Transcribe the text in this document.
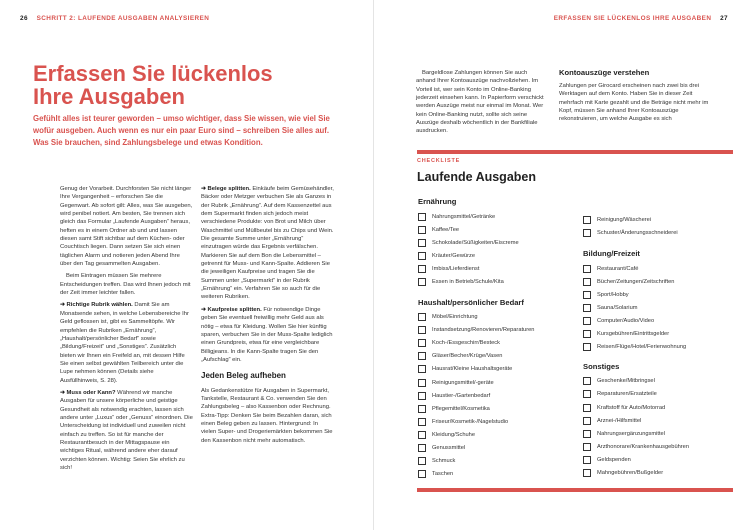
26 SCHRITT 2: LAUFENDE AUSGABEN ANALYSIEREN
Erfassen Sie lückenlos
Ihre Ausgaben
Gefühlt alles ist teurer geworden – umso wichtiger, dass Sie wissen, wie viel Sie wofür ausgeben. Auch wenn es nur ein paar Euro sind – schreiben Sie alles auf. Was Sie brauchen, sind Zahlungsbelege und etwas Kondition.

Genug der Vorarbeit. Durchforsten Sie nicht länger Ihre Vergangenheit – erforschen Sie die Gegenwart. Ab sofort gilt: Alles, was Sie ausgeben, wird penibel notiert. Am besten, Sie trennen sich gleich das Formular „Laufende Ausgaben“ heraus, heften es in einem Ordner ab und und lassen diesen samt Stift sichtbar auf dem Küchen- oder Couchtisch liegen. Dann setzen Sie sich einen täglichen Alarm und notieren jeden Abend Ihre über den Tag gesammelten Ausgaben.

Beim Eintragen müssen Sie mehrere Entscheidungen treffen. Das wird Ihnen jedoch mit der Zeit immer leichter fallen.

➜ Richtige Rubrik wählen. Damit Sie am Monatsende sehen, in welche Lebensbereiche Ihr Geld geflossen ist, gibt es Sammeltöpfe. Wir empfehlen die Rubriken „Ernährung“, „Haushalt/persönlicher Bedarf“ sowie „Bildung/Freizeit“ und „Sonstiges“. Zusätzlich bieten wir Ihnen ein Freifeld an, mit dessen Hilfe Sie einen selbst gewählten Teilbereich unter die Lupe nehmen können (Details siehe Ausfüllhinweis, S. 28).

➜ Muss oder Kann? Während wir manche Ausgaben für unsere körperliche und geistige Gesundheit als notwendig erachten, lassen sich andere unter „Luxus“ oder „Genuss“ einordnen. Die Unterscheidung ist individuell und zuweilen nicht einfach zu treffen. So ist für manche der Restaurantbesuch in der Mittagspause ein wichtiges Ritual, während andere eher darauf verzichten können. Wichtig: Seien Sie ehrlich zu sich!

➜ Belege splitten. Einkäufe beim Gemüsehändler, Bäcker oder Metzger verbuchen Sie als Ganzes in der Rubrik „Ernährung“. Auf dem Kassenzettel aus dem Supermarkt finden sich jedoch meist verschiedene Produkte: von Brot und Milch über Waschmittel und Müllbeutel bis zu Chips und Wein. Die gesamte Summe unter „Ernährung“ einzutragen würde das Ergebnis verfälschen. Markieren Sie auf dem Bon die Lebensmittel – getrennt für Muss- und Kann-Spalte. Addieren Sie die jeweiligen Kaufpreise und tragen Sie die Summen unter „Supermarkt“ in der Rubrik „Ernährung“ ein. Verfahren Sie so auch für die weiteren Rubriken.

➜ Kaufpreise splitten. Für notwendige Dinge geben Sie eventuell freiwillig mehr Geld aus als nötig – etwa für Kleidung. Wollen Sie hier künftig sparen, verbuchen Sie in der Muss-Spalte lediglich einen Grundpreis, etwa für eine vergleichbare Billigjeans. In die Kann-Spalte tragen Sie den „Aufschlag“ ein.

Jeden Beleg aufheben

Als Gedankenstütze für Ausgaben in Supermarkt, Tankstelle, Restaurant & Co. verwenden Sie den Zahlungsbeleg – also Kassenbon oder Rechnung. Extra-Tipp: Denken Sie beim Bezahlen daran, sich einen Beleg geben zu lassen. Hintergrund: In vielen Super- und Drogeriemärkten bekommen Sie den Kassenbon nicht mehr automatisch.

ERFASSEN SIE LÜCKENLOS IHRE AUSGABEN 27

Bargeldlose Zahlungen können Sie auch anhand Ihrer Kontoauszüge nachvollziehen. Im Vorteil ist, wer sein Konto im Online-Banking jederzeit einsehen kann. In Papierform verschickt werden Auszüge meist nur einmal im Monat. Wer kein Online-Banking nutzt, sollte sich seine Auszüge deshalb wöchentlich in der Bankfiliale ausdrucken.

Kontoauszüge verstehen

Zahlungen per Girocard erscheinen nach zwei bis drei Werktagen auf dem Konto. Haben Sie in dieser Zeit mehrfach mit Karte gezahlt und die Beträge nicht mehr im Kopf, müssen Sie anhand Ihrer Kontoauszüge rekonstruieren, um welche Ausgabe es sich

CHECKLISTE
Laufende Ausgaben
Ernährung
Nahrungsmittel/Getränke
Kaffee/Tee
Schokolade/Süßigkeiten/Eiscreme
Kräuter/Gewürze
Imbiss/Lieferdienst
Essen in Betrieb/Schule/Kita
Haushalt/persönlicher Bedarf
Möbel/Einrichtung
Instandsetzung/Renovieren/Reparaturen
Koch-/Essgeschirr/Besteck
Gläser/Becher/Krüge/Vasen
Hausrat/Kleine Haushaltsgeräte
Reinigungsmittel/-geräte
Haustier-/Gartenbedarf
Pflegemittel/Kosmetika
Friseur/Kosmetik-/Nagelstudio
Kleidung/Schuhe
Genussmittel
Schmuck
Taschen
Reinigung/Wäscherei
Schuster/Änderungsschneiderei
Bildung/Freizeit
Restaurant/Café
Bücher/Zeitungen/Zeitschriften
Sport/Hobby
Sauna/Solarium
Computer/Audio/Video
Kursgebühren/Eintrittsgelder
Reisen/Flüge/Hotel/Ferienwohnung
Sonstiges
Geschenke/Mitbringsel
Reparaturen/Ersatzteile
Kraftstoff für Auto/Motorrad
Arznei-/Hilfsmittel
Nahrungsergänzungsmittel
Arzthonorare/Krankenhausgebühren
Geldspenden
Mahngebühren/Bußgelder
